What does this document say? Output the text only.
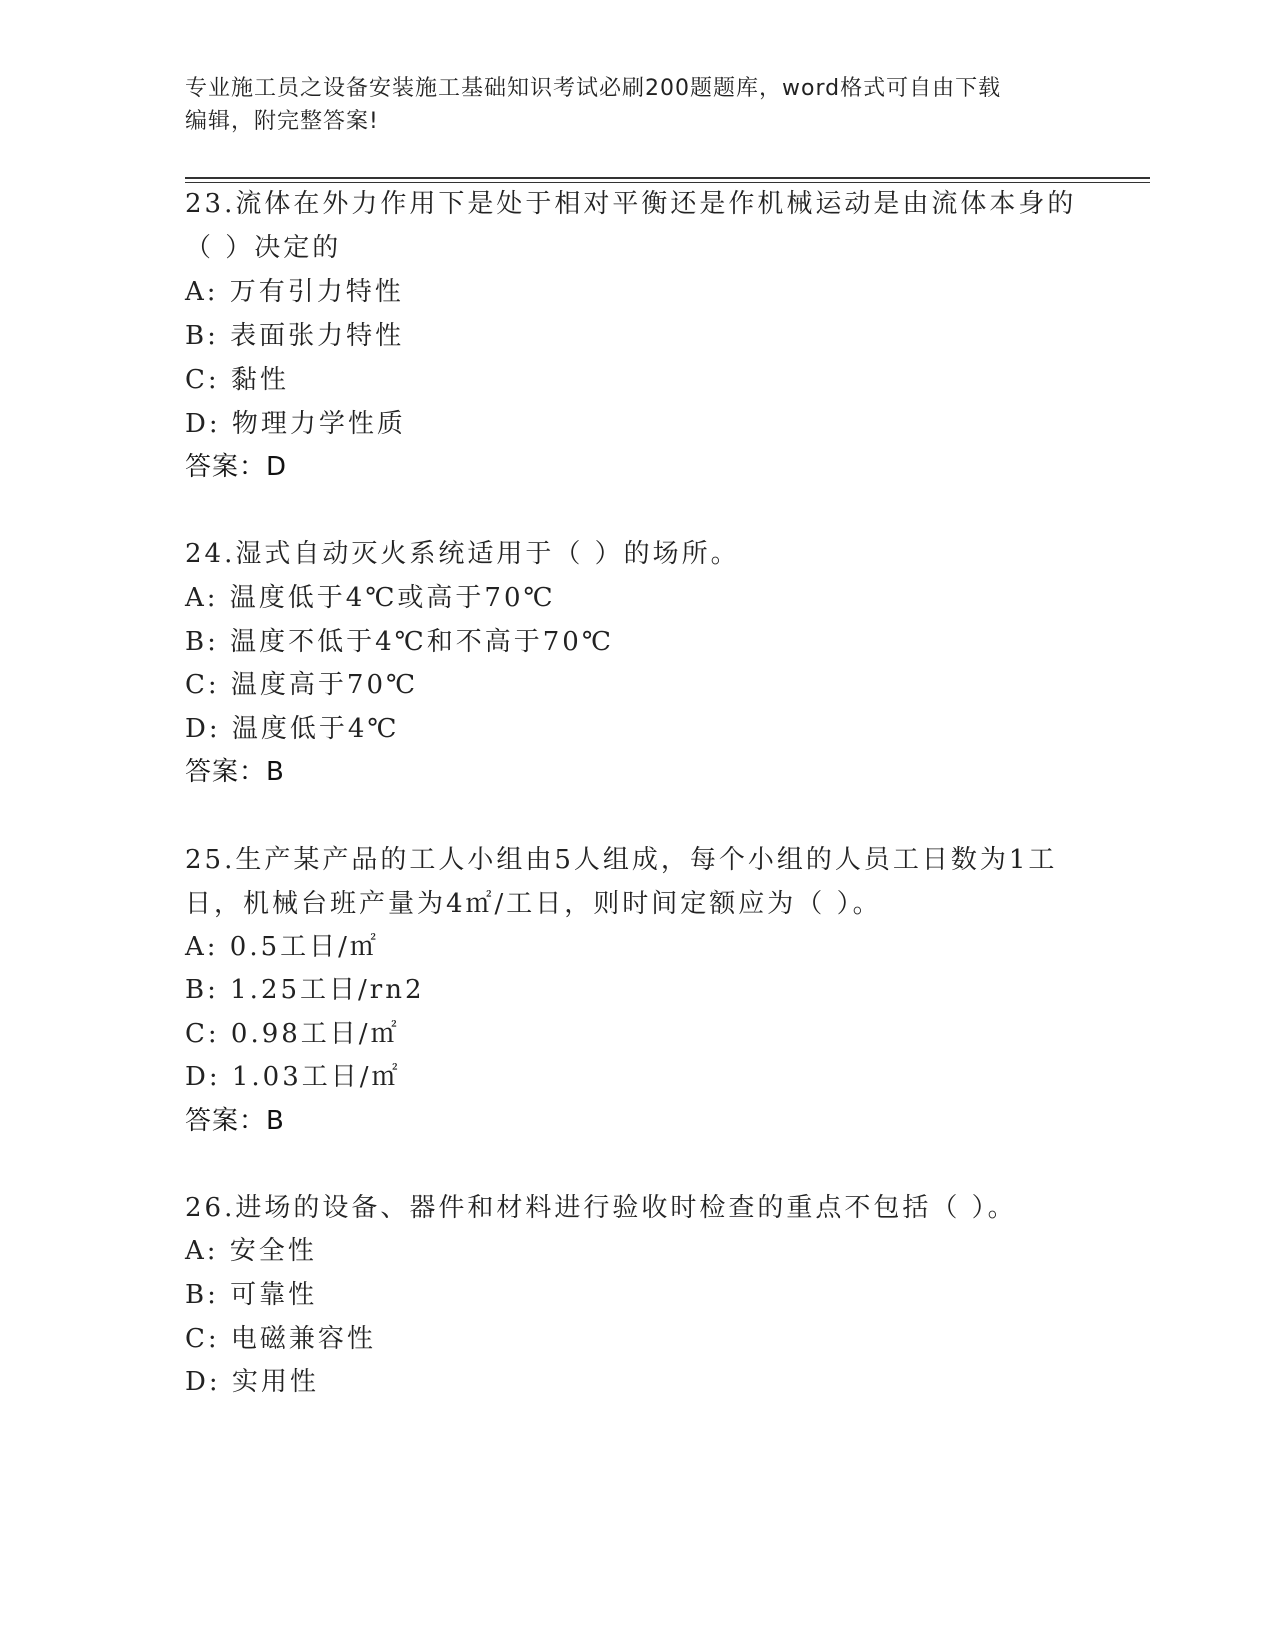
专业施工员之设备安装施工基础知识考试必刷200题题库，word格式可自由下载
编辑，附完整答案!
23.流体在外力作用下是处于相对平衡还是作机械运动是由流体本身的
（ ）决定的
A: 万有引力特性
B: 表面张力特性
C: 黏性
D: 物理力学性质
答案：D
24.湿式自动灭火系统适用于（ ）的场所。
A: 温度低于4℃或高于70℃
B: 温度不低于4℃和不高于70℃
C: 温度高于70℃
D: 温度低于4℃
答案：B
25.生产某产品的工人小组由5人组成，每个小组的人员工日数为1工
日，机械台班产量为4㎡/工日，则时间定额应为（ ）。
A: 0.5工日/㎡
B: 1.25工日/rn2
C: 0.98工日/㎡
D: 1.03工日/㎡
答案：B
26.进场的设备、器件和材料进行验收时检查的重点不包括（ ）。
A: 安全性
B: 可靠性
C: 电磁兼容性
D: 实用性
